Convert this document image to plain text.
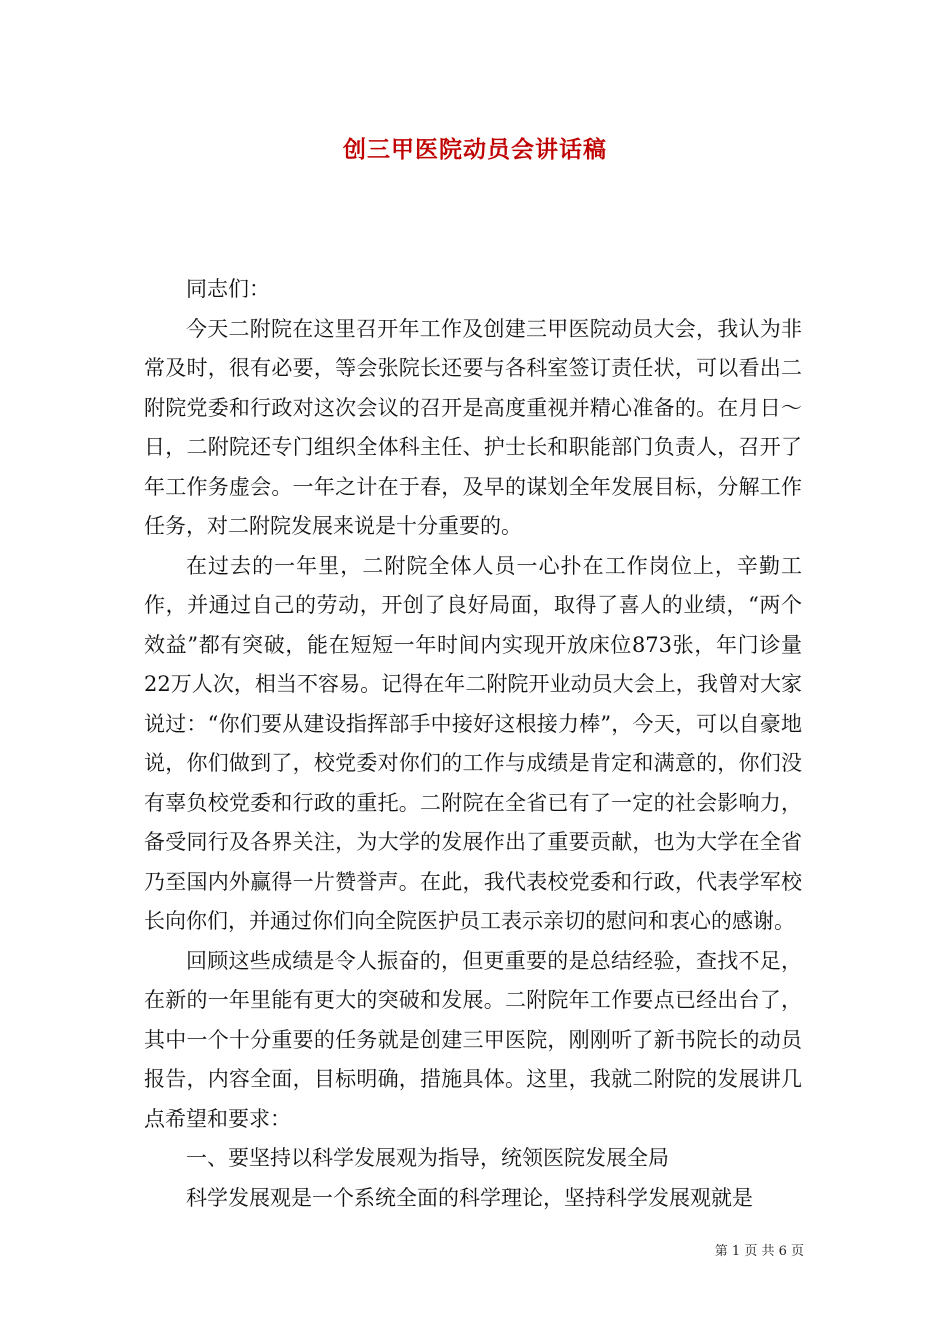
创三甲医院动员会讲话稿

同志们：

今天二附院在这里召开年工作及创建三甲医院动员大会，我认为非常及时，很有必要，等会张院长还要与各科室签订责任状，可以看出二附院党委和行政对这次会议的召开是高度重视并精心准备的。在月日～日，二附院还专门组织全体科主任、护士长和职能部门负责人，召开了年工作务虚会。一年之计在于春，及早的谋划全年发展目标，分解工作任务，对二附院发展来说是十分重要的。

在过去的一年里，二附院全体人员一心扑在工作岗位上，辛勤工作，并通过自己的劳动，开创了良好局面，取得了喜人的业绩，“两个效益”都有突破，能在短短一年时间内实现开放床位873张，年门诊量22万人次，相当不容易。记得在年二附院开业动员大会上，我曾对大家说过：“你们要从建设指挥部手中接好这根接力棒”，今天，可以自豪地说，你们做到了，校党委对你们的工作与成绩是肯定和满意的，你们没有辜负校党委和行政的重托。二附院在全省已有了一定的社会影响力，备受同行及各界关注，为大学的发展作出了重要贡献，也为大学在全省乃至国内外赢得一片赞誉声。在此，我代表校党委和行政，代表学军校长向你们，并通过你们向全院医护员工表示亲切的慰问和衷心的感谢。

回顾这些成绩是令人振奋的，但更重要的是总结经验，查找不足，在新的一年里能有更大的突破和发展。二附院年工作要点已经出台了，其中一个十分重要的任务就是创建三甲医院，刚刚听了新书院长的动员报告，内容全面，目标明确，措施具体。这里，我就二附院的发展讲几点希望和要求：

一、要坚持以科学发展观为指导，统领医院发展全局

科学发展观是一个系统全面的科学理论，坚持科学发展观就是

第 1 页 共 6 页
